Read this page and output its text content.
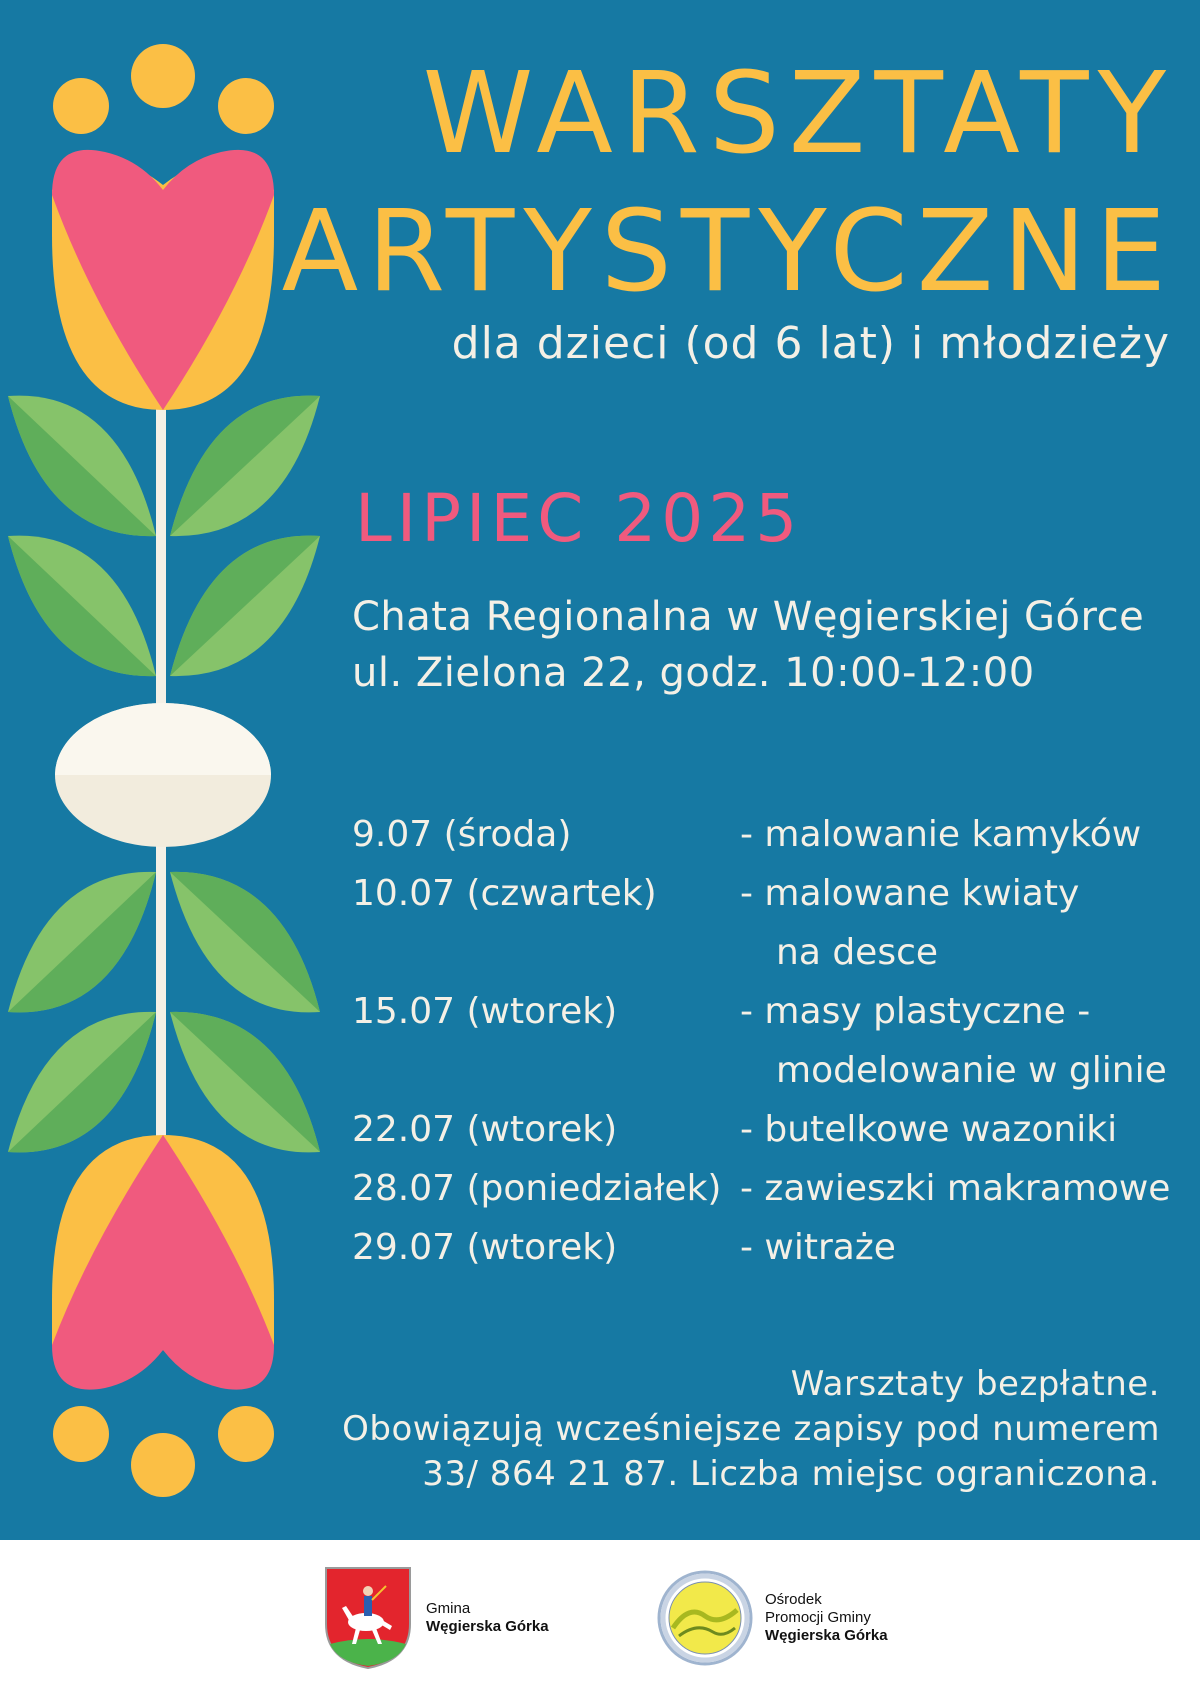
WARSZTATY
ARTYSTYCZNE
dla dzieci (od 6 lat) i młodzieży
LIPIEC 2025
Chata Regionalna w Węgierskiej Górce
ul. Zielona 22, godz. 10:00-12:00
9.07 (środa)	- malowanie kamyków
10.07 (czwartek)	- malowane kwiaty
na desce
15.07 (wtorek)	- masy plastyczne -
modelowanie w glinie
22.07 (wtorek)	- butelkowe wazoniki
28.07 (poniedziałek) - zawieszki makramowe
29.07 (wtorek)	- witraże
Warsztaty bezpłatne.
Obowiązują wcześniejsze zapisy pod numerem
33/ 864 21 87. Liczba miejsc ograniczona.
Gmina
Węgierska Górka
Ośrodek
Promocji Gminy
Węgierska Górka
